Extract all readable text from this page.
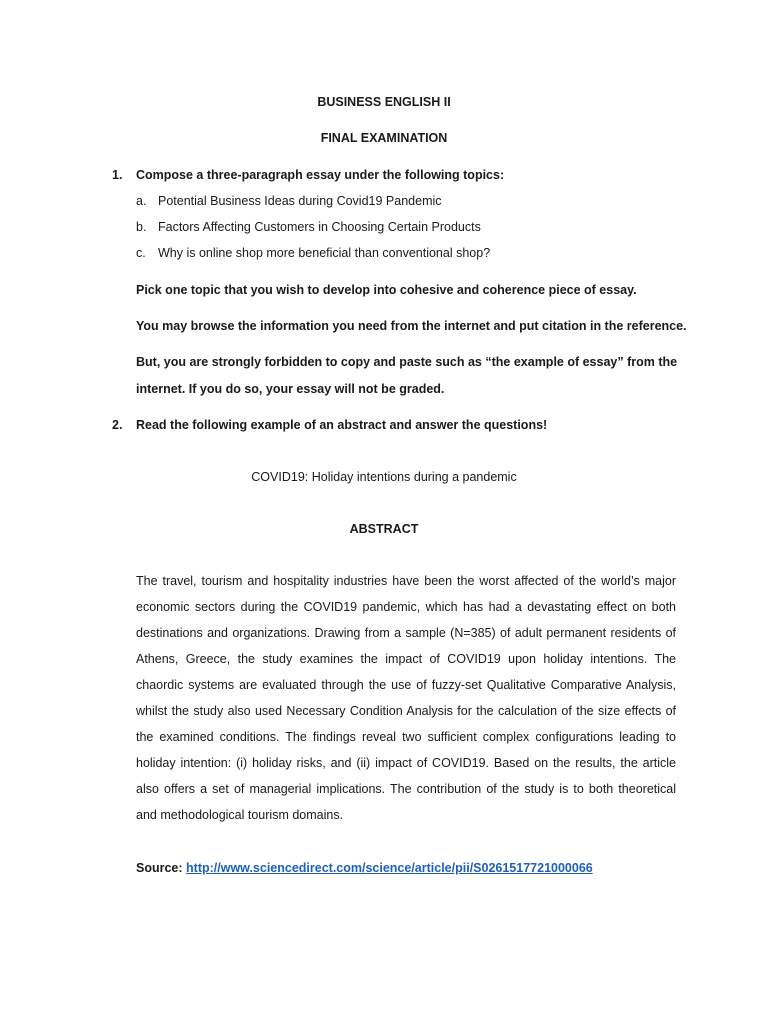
BUSINESS ENGLISH II
FINAL EXAMINATION
1. Compose a three-paragraph essay under the following topics:
a. Potential Business Ideas during Covid19 Pandemic
b. Factors Affecting Customers in Choosing Certain Products
c. Why is online shop more beneficial than conventional shop?
Pick one topic that you wish to develop into cohesive and coherence piece of essay.
You may browse the information you need from the internet and put citation in the reference.
But, you are strongly forbidden to copy and paste such as “the example of essay” from the
internet. If you do so, your essay will not be graded.
2. Read the following example of an abstract and answer the questions!
COVID19: Holiday intentions during a pandemic
ABSTRACT
The travel, tourism and hospitality industries have been the worst affected of the world’s major
economic sectors during the COVID19 pandemic, which has had a devastating effect on both
destinations and organizations. Drawing from a sample (N=385) of adult permanent residents of
Athens, Greece, the study examines the impact of COVID19 upon holiday intentions. The
chaordic systems are evaluated through the use of fuzzy-set Qualitative Comparative Analysis,
whilst the study also used Necessary Condition Analysis for the calculation of the size effects of
the examined conditions. The findings reveal two sufficient complex configurations leading to
holiday intention: (i) holiday risks, and (ii) impact of COVID19. Based on the results, the article
also offers a set of managerial implications. The contribution of the study is to both theoretical
and methodological tourism domains.
Source: http://www.sciencedirect.com/science/article/pii/S0261517721000066
